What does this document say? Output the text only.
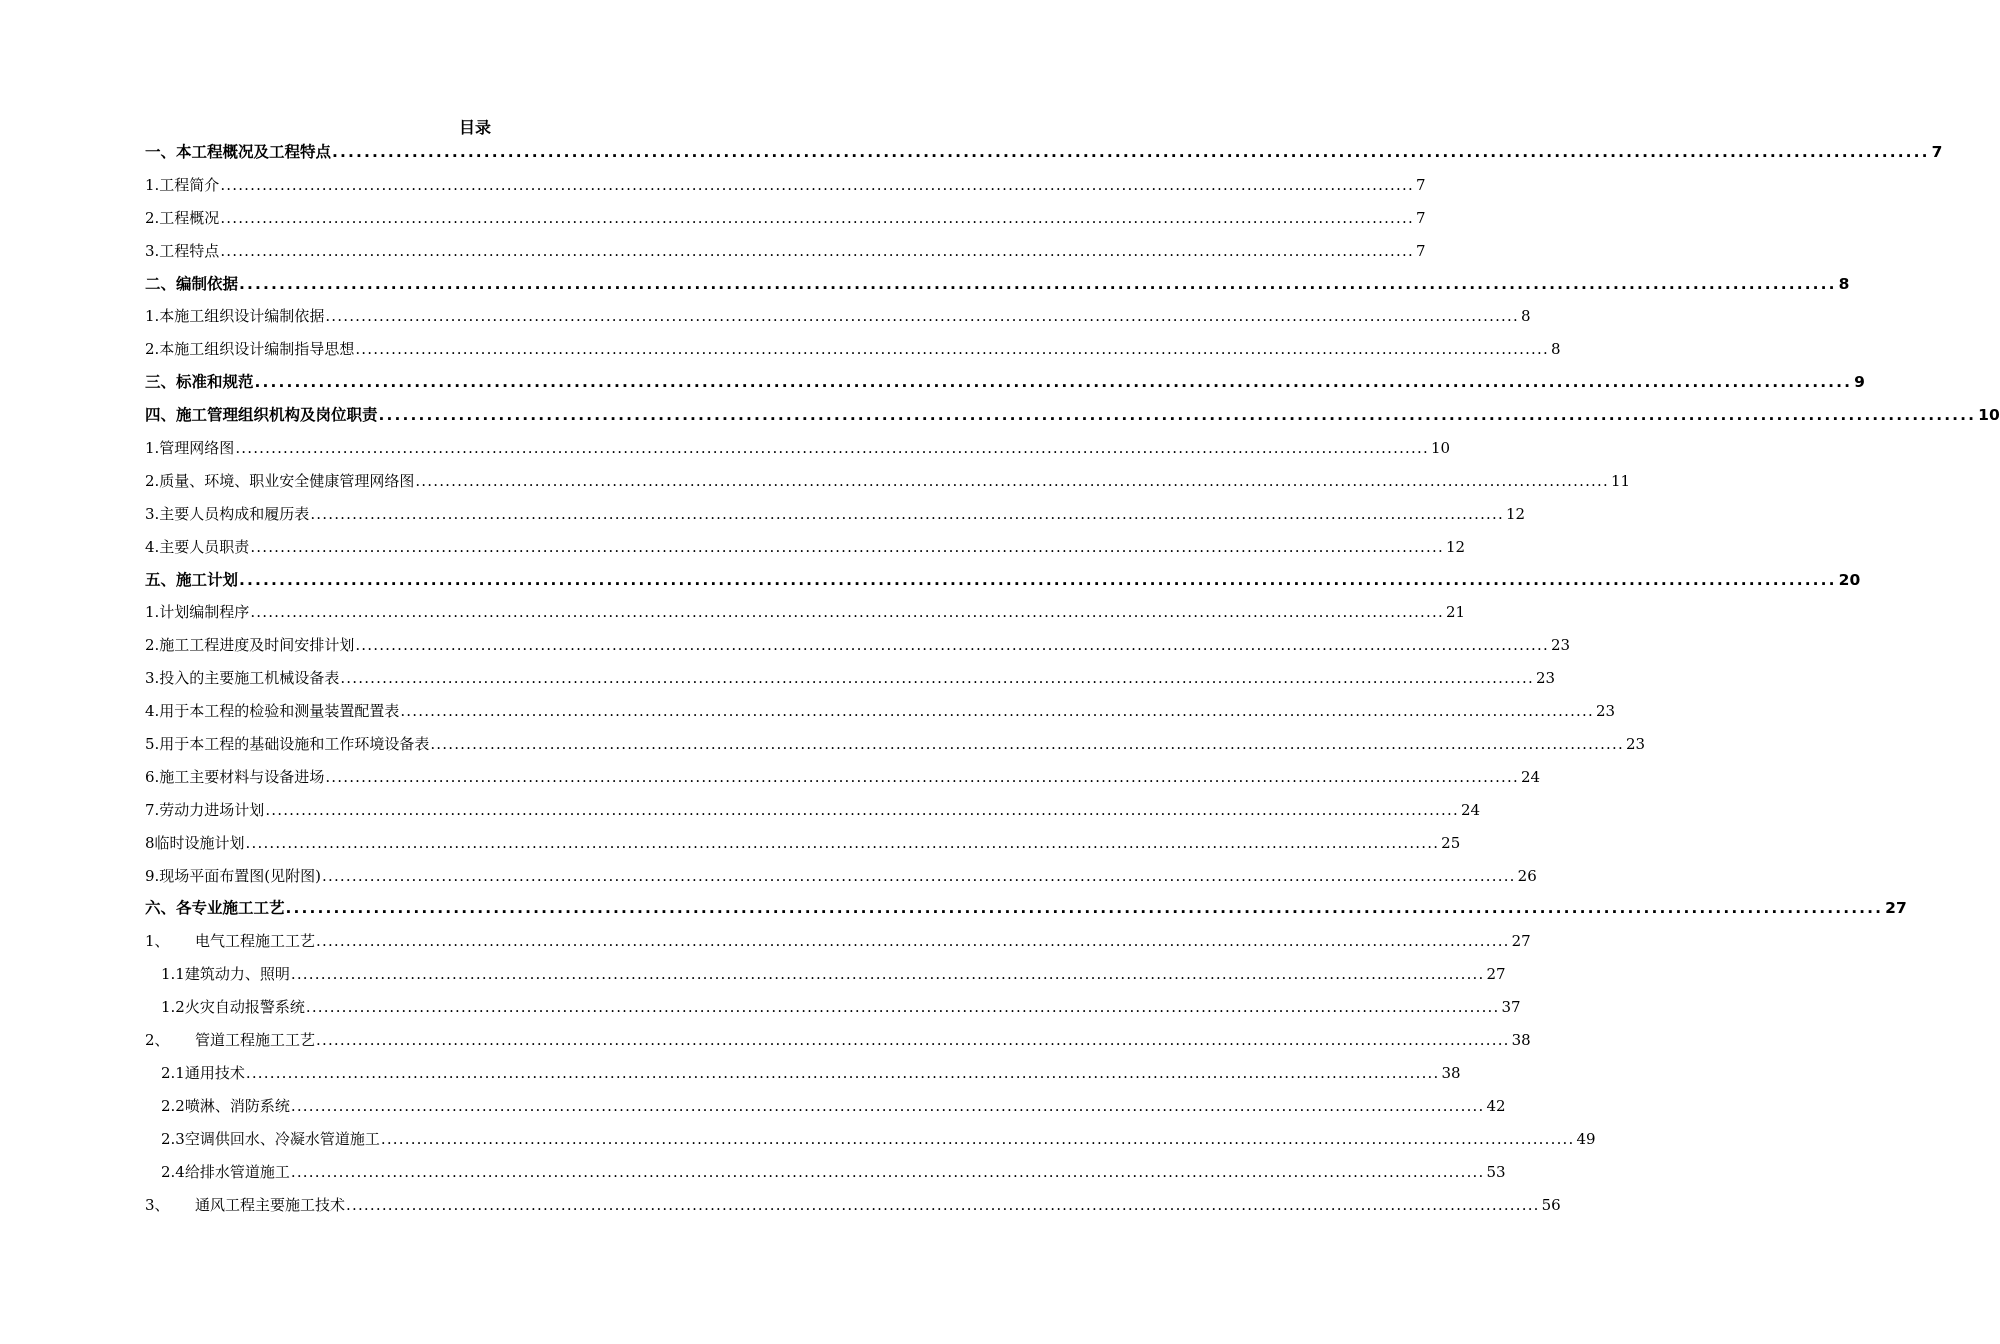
目录
一、本工程概况及工程特点 ........................................................................................................................................................................................................ 7
1.工程简介 ........................................................................................................................................................................................................ 7
2.工程概况 ........................................................................................................................................................................................................ 7
3.工程特点 ........................................................................................................................................................................................................ 7
二、编制依据 ........................................................................................................................................................................................................ 8
1.本施工组织设计编制依据 ........................................................................................................................................................................................................ 8
2.本施工组织设计编制指导思想 ........................................................................................................................................................................................................ 8
三、标准和规范 ........................................................................................................................................................................................................ 9
四、施工管理组织机构及岗位职责 ........................................................................................................................................................................................................ 10
1.管理网络图 ........................................................................................................................................................................................................ 10
2.质量、环境、职业安全健康管理网络图 ........................................................................................................................................................................................................ 11
3.主要人员构成和履历表 ........................................................................................................................................................................................................ 12
4.主要人员职责 ........................................................................................................................................................................................................ 12
五、施工计划 ........................................................................................................................................................................................................ 20
1.计划编制程序 ........................................................................................................................................................................................................ 21
2.施工工程进度及时间安排计划 ........................................................................................................................................................................................................ 23
3.投入的主要施工机械设备表 ........................................................................................................................................................................................................ 23
4.用于本工程的检验和测量装置配置表 ........................................................................................................................................................................................................ 23
5.用于本工程的基础设施和工作环境设备表 ........................................................................................................................................................................................................ 23
6.施工主要材料与设备进场 ........................................................................................................................................................................................................ 24
7.劳动力进场计划 ........................................................................................................................................................................................................ 24
8临时设施计划 ........................................................................................................................................................................................................ 25
9.现场平面布置图(见附图) ........................................................................................................................................................................................................ 26
六、各专业施工工艺 ........................................................................................................................................................................................................ 27
1、 电气工程施工工艺 ........................................................................................................................................................................................................ 27
1.1建筑动力、照明 ........................................................................................................................................................................................................ 27
1.2火灾自动报警系统 ........................................................................................................................................................................................................ 37
2、 管道工程施工工艺 ........................................................................................................................................................................................................ 38
2.1通用技术 ........................................................................................................................................................................................................ 38
2.2喷淋、消防系统 ........................................................................................................................................................................................................ 42
2.3空调供回水、冷凝水管道施工 ........................................................................................................................................................................................................ 49
2.4给排水管道施工 ........................................................................................................................................................................................................ 53
3、 通风工程主要施工技术 ........................................................................................................................................................................................................ 56
